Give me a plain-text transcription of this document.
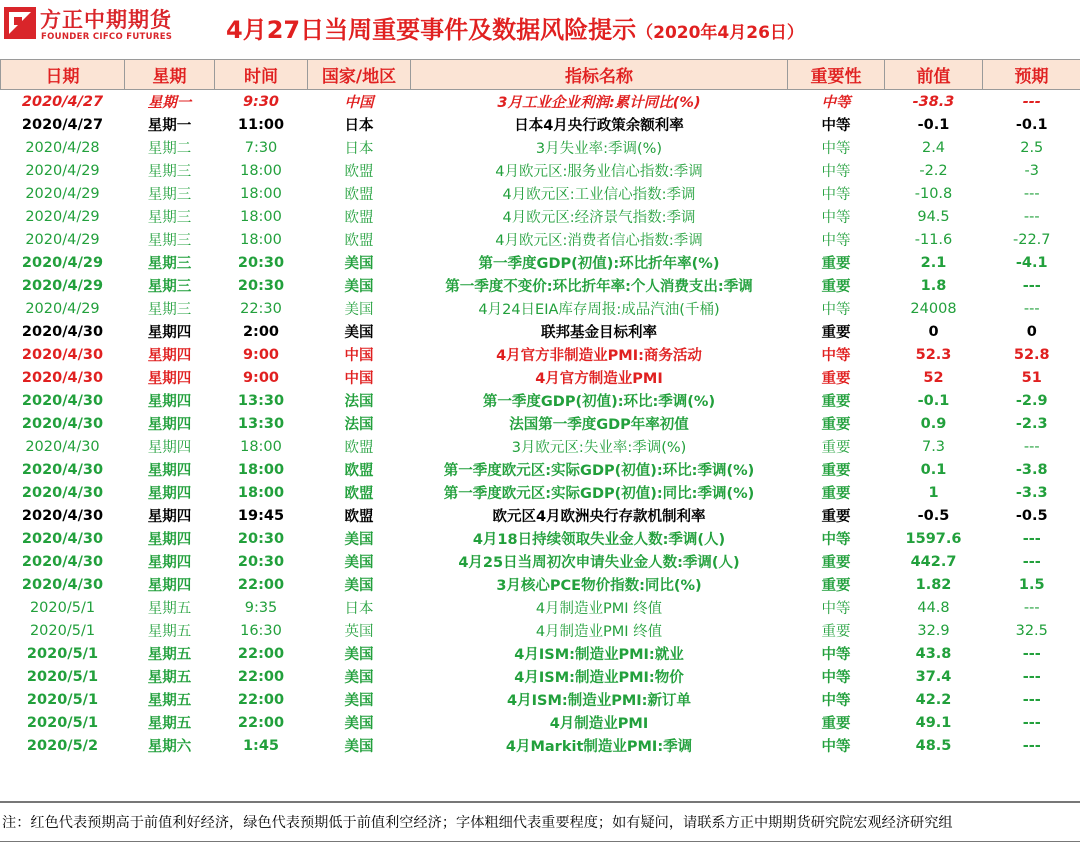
方正中期期货
FOUNDER CIFCO FUTURES 4月27日当周重要事件及数据风险提示（2020年4月26日）
日期	星期	时间	国家/地区	指标名称	重要性	前值	预期
2020/4/27	星期一	9:30	中国	3月工业企业利润:累计同比(%)	中等	-38.3	---
2020/4/27	星期一	11:00	日本	日本4月央行政策余额利率	中等	-0.1	-0.1
2020/4/28	星期二	7:30	日本	3月失业率:季调(%)	中等	2.4	2.5
2020/4/29	星期三	18:00	欧盟	4月欧元区:服务业信心指数:季调	中等	-2.2	-3
2020/4/29	星期三	18:00	欧盟	4月欧元区:工业信心指数:季调	中等	-10.8	---
2020/4/29	星期三	18:00	欧盟	4月欧元区:经济景气指数:季调	中等	94.5	---
2020/4/29	星期三	18:00	欧盟	4月欧元区:消费者信心指数:季调	中等	-11.6	-22.7
2020/4/29	星期三	20:30	美国	第一季度GDP(初值):环比折年率(%)	重要	2.1	-4.1
2020/4/29	星期三	20:30	美国	第一季度不变价:环比折年率:个人消费支出:季调	重要	1.8	---
2020/4/29	星期三	22:30	美国	4月24日EIA库存周报:成品汽油(千桶)	中等	24008	---
2020/4/30	星期四	2:00	美国	联邦基金目标利率	重要	0	0
2020/4/30	星期四	9:00	中国	4月官方非制造业PMI:商务活动	中等	52.3	52.8
2020/4/30	星期四	9:00	中国	4月官方制造业PMI	重要	52	51
2020/4/30	星期四	13:30	法国	第一季度GDP(初值):环比:季调(%)	重要	-0.1	-2.9
2020/4/30	星期四	13:30	法国	法国第一季度GDP年率初值	重要	0.9	-2.3
2020/4/30	星期四	18:00	欧盟	3月欧元区:失业率:季调(%)	重要	7.3	---
2020/4/30	星期四	18:00	欧盟	第一季度欧元区:实际GDP(初值):环比:季调(%)	重要	0.1	-3.8
2020/4/30	星期四	18:00	欧盟	第一季度欧元区:实际GDP(初值):同比:季调(%)	重要	1	-3.3
2020/4/30	星期四	19:45	欧盟	欧元区4月欧洲央行存款机制利率	重要	-0.5	-0.5
2020/4/30	星期四	20:30	美国	4月18日持续领取失业金人数:季调(人)	中等	1597.6	---
2020/4/30	星期四	20:30	美国	4月25日当周初次申请失业金人数:季调(人)	重要	442.7	---
2020/4/30	星期四	22:00	美国	3月核心PCE物价指数:同比(%)	重要	1.82	1.5
2020/5/1	星期五	9:35	日本	4月制造业PMI 终值	中等	44.8	---
2020/5/1	星期五	16:30	英国	4月制造业PMI 终值	重要	32.9	32.5
2020/5/1	星期五	22:00	美国	4月ISM:制造业PMI:就业	中等	43.8	---
2020/5/1	星期五	22:00	美国	4月ISM:制造业PMI:物价	中等	37.4	---
2020/5/1	星期五	22:00	美国	4月ISM:制造业PMI:新订单	中等	42.2	---
2020/5/1	星期五	22:00	美国	4月制造业PMI	重要	49.1	---
2020/5/2	星期六	1:45	美国	4月Markit制造业PMI:季调	中等	48.5	---
注：红色代表预期高于前值利好经济，绿色代表预期低于前值利空经济；字体粗细代表重要程度；如有疑问，请联系方正中期期货研究院宏观经济研究组
